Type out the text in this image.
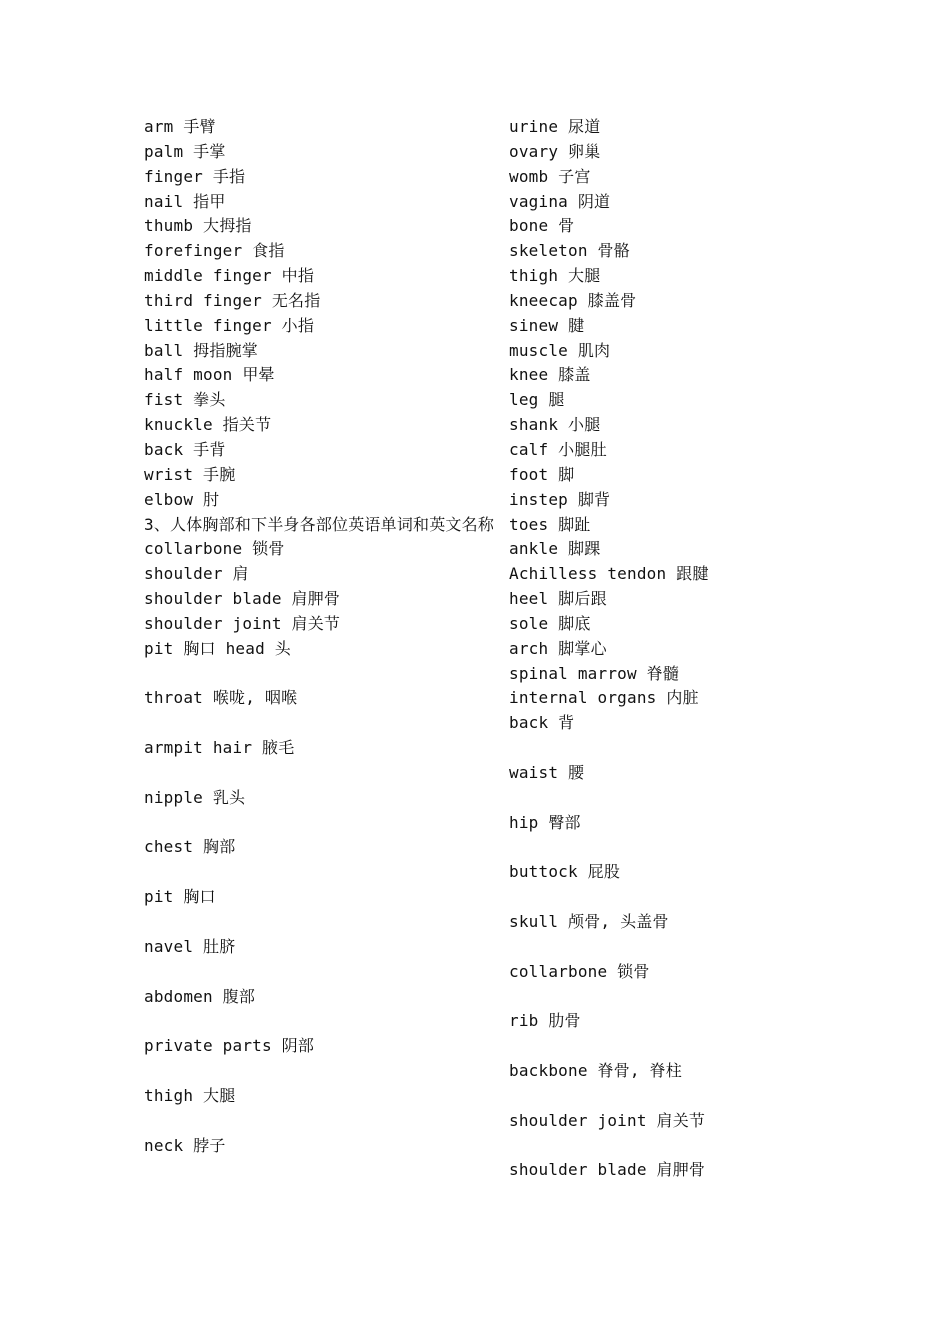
arm 手臂
palm 手掌
finger 手指
nail 指甲
thumb 大拇指
forefinger 食指
middle finger 中指
third finger 无名指
little finger 小指
ball 拇指腕掌
half moon 甲晕
fist 拳头
knuckle 指关节
back 手背
wrist 手腕
elbow 肘
3、人体胸部和下半身各部位英语单词和英文名称
collarbone 锁骨
shoulder 肩
shoulder blade 肩胛骨
shoulder joint 肩关节
pit 胸口 head 头
throat 喉咙, 咽喉
armpit hair 腋毛
nipple 乳头
chest 胸部
pit 胸口
navel 肚脐
abdomen 腹部
private parts 阴部
thigh 大腿
neck 脖子
urine 尿道
ovary 卵巢
womb 子宫
vagina 阴道
bone 骨
skeleton 骨骼
thigh 大腿
kneecap 膝盖骨
sinew 腱
muscle 肌肉
knee 膝盖
leg 腿
shank 小腿
calf 小腿肚
foot 脚
instep 脚背
toes 脚趾
ankle 脚踝
Achilless tendon 跟腱
heel 脚后跟
sole 脚底
arch 脚掌心
spinal marrow 脊髓
internal organs 内脏
back 背
waist 腰
hip 臀部
buttock 屁股
skull 颅骨, 头盖骨
collarbone 锁骨
rib 肋骨
backbone 脊骨, 脊柱
shoulder joint 肩关节
shoulder blade 肩胛骨
